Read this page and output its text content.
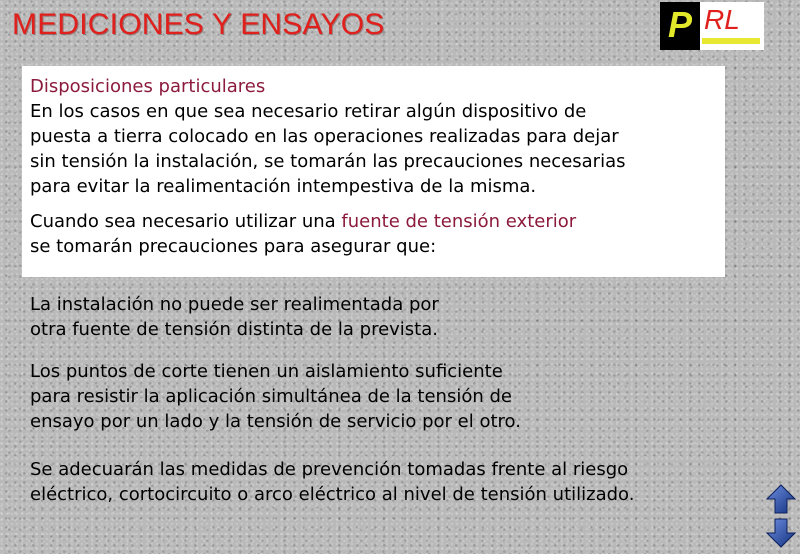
MEDICIONES Y ENSAYOS	P RL
Disposiciones particulares

En los casos en que sea necesario retirar algún dispositivo de

puesta a tierra colocado en las operaciones realizadas para dejar

sin tensión la instalación, se tomarán las precauciones necesarias

para evitar la realimentación intempestiva de la misma.

Cuando sea necesario utilizar una fuente de tensión exterior

se tomarán precauciones para asegurar que:

La instalación no puede ser realimentada por
otra fuente de tensión distinta de la prevista.
Los puntos de corte tienen un aislamiento suficiente
para resistir la aplicación simultánea de la tensión de
ensayo por un lado y la tensión de servicio por el otro.
Se adecuarán las medidas de prevención tomadas frente al riesgo
eléctrico, cortocircuito o arco eléctrico al nivel de tensión utilizado.
